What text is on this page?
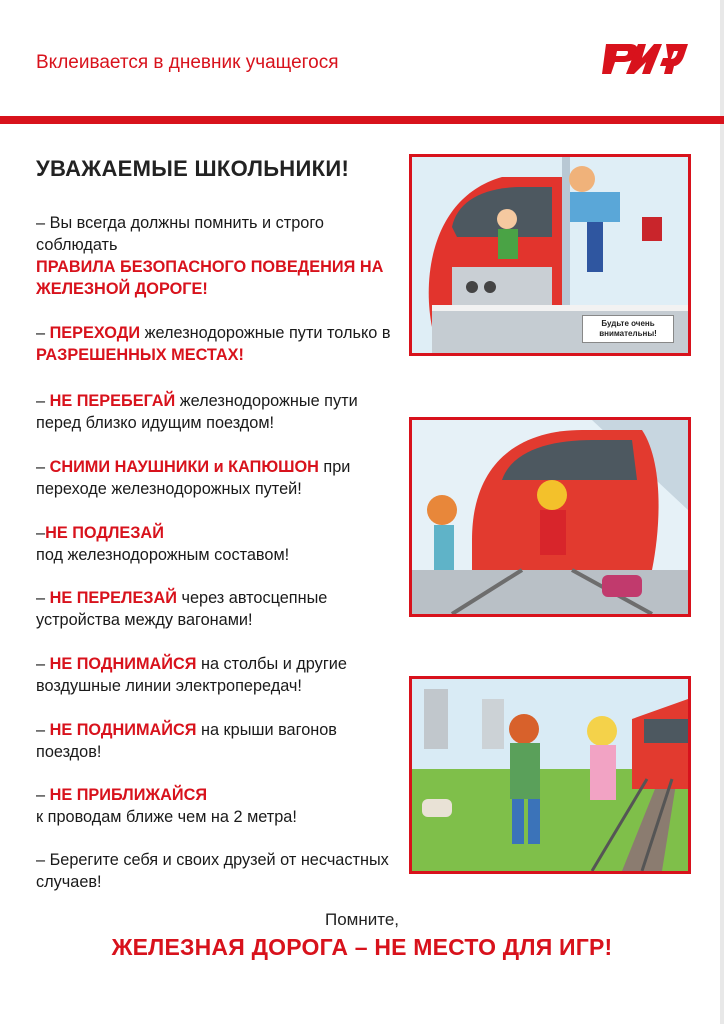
Вклеивается в дневник учащегося
УВАЖАЕМЫЕ ШКОЛЬНИКИ!

– Вы всегда должны помнить и строго соблюдать
ПРАВИЛА БЕЗОПАСНОГО ПОВЕДЕНИЯ НА ЖЕЛЕЗНОЙ ДОРОГЕ!

– ПЕРЕХОДИ железнодорожные пути только в РАЗРЕШЕННЫХ МЕСТАХ!

– НЕ ПЕРЕБЕГАЙ железнодорожные пути перед близко идущим поездом!

– СНИМИ НАУШНИКИ и КАПЮШОН при переходе железнодорожных путей!

–НЕ ПОДЛЕЗАЙ
под железнодорожным составом!

– НЕ ПЕРЕЛЕЗАЙ через автосцепные устройства между вагонами!

– НЕ ПОДНИМАЙСЯ на столбы и другие воздушные линии электропередач!

– НЕ ПОДНИМАЙСЯ на крыши вагонов поездов!

– НЕ ПРИБЛИЖАЙСЯ
к проводам ближе чем на 2 метра!

– Берегите себя и своих друзей от несчастных случаев!

Будьте очень внимательны!
Помните,
ЖЕЛЕЗНАЯ ДОРОГА – НЕ МЕСТО ДЛЯ ИГР!
